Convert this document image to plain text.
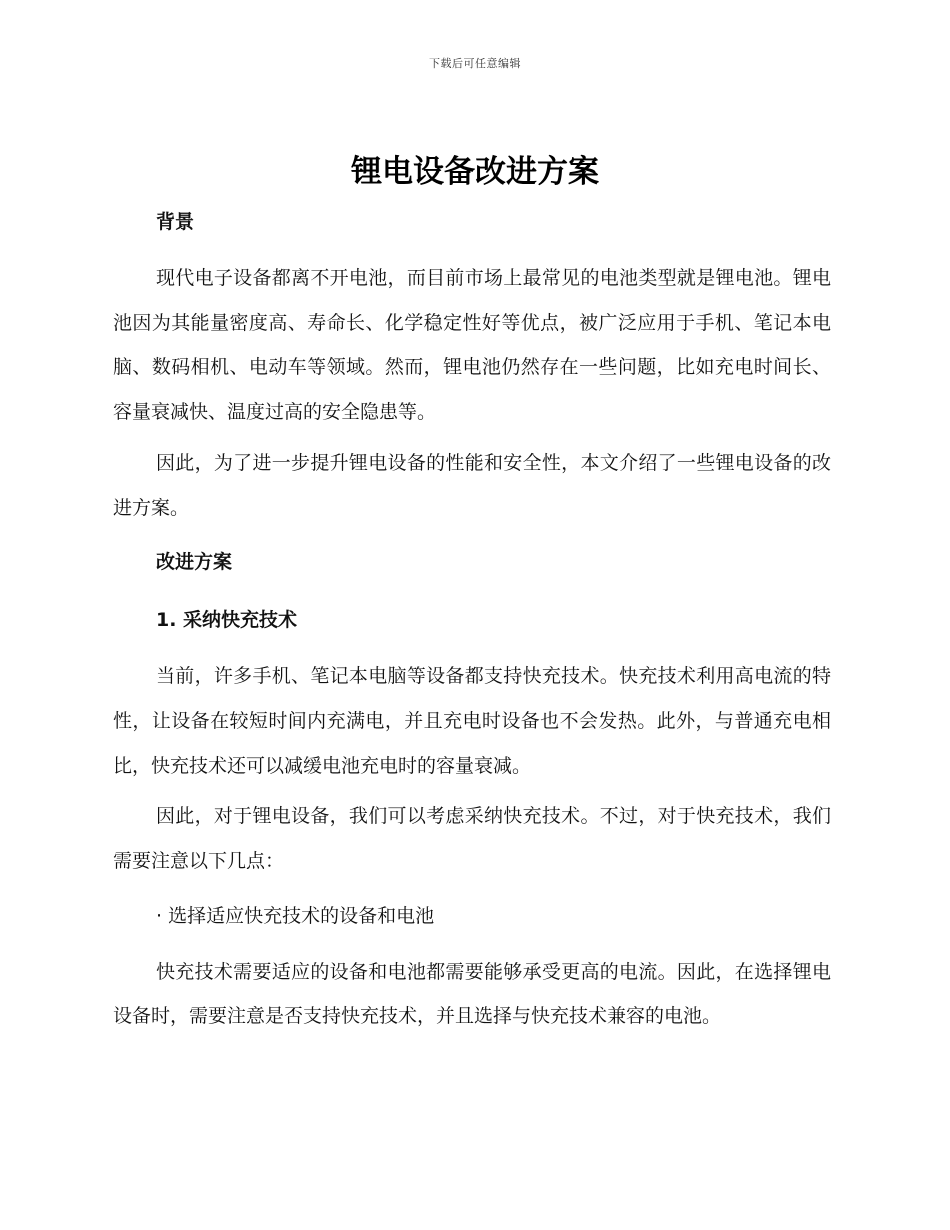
下载后可任意编辑
锂电设备改进方案
背景

现代电子设备都离不开电池，而目前市场上最常见的电池类型就是锂电池。锂电池因为其能量密度高、寿命长、化学稳定性好等优点，被广泛应用于手机、笔记本电脑、数码相机、电动车等领域。然而，锂电池仍然存在一些问题，比如充电时间长、容量衰减快、温度过高的安全隐患等。

因此，为了进一步提升锂电设备的性能和安全性，本文介绍了一些锂电设备的改进方案。

改进方案
1. 采纳快充技术

当前，许多手机、笔记本电脑等设备都支持快充技术。快充技术利用高电流的特性，让设备在较短时间内充满电，并且充电时设备也不会发热。此外，与普通充电相比，快充技术还可以减缓电池充电时的容量衰减。

因此，对于锂电设备，我们可以考虑采纳快充技术。不过，对于快充技术，我们需要注意以下几点：

· 选择适应快充技术的设备和电池

快充技术需要适应的设备和电池都需要能够承受更高的电流。因此，在选择锂电设备时，需要注意是否支持快充技术，并且选择与快充技术兼容的电池。
